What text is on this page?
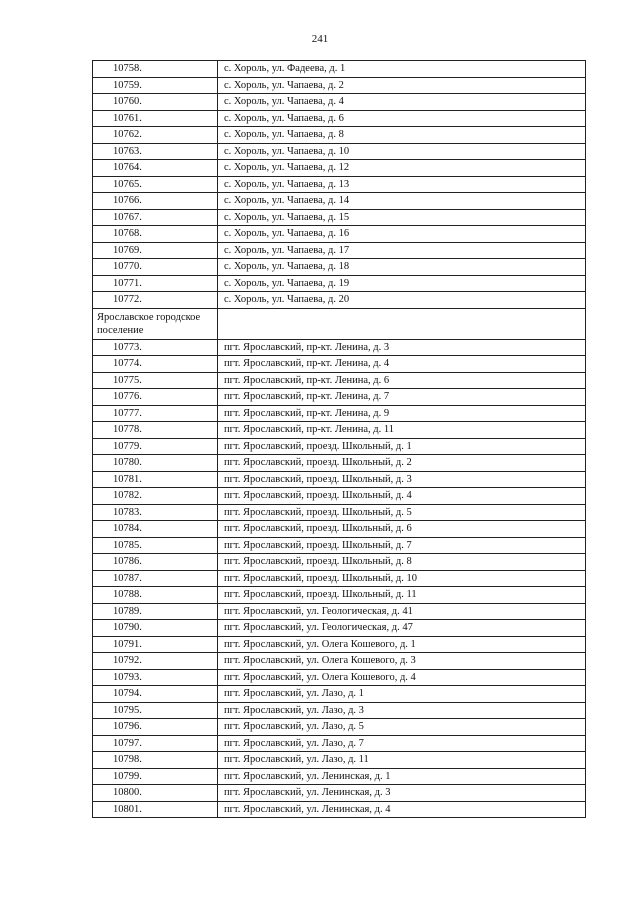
241
10758.	с. Хороль, ул. Фадеева, д. 1
10759.	с. Хороль, ул. Чапаева, д. 2
10760.	с. Хороль, ул. Чапаева, д. 4
10761.	с. Хороль, ул. Чапаева, д. 6
10762.	с. Хороль, ул. Чапаева, д. 8
10763.	с. Хороль, ул. Чапаева, д. 10
10764.	с. Хороль, ул. Чапаева, д. 12
10765.	с. Хороль, ул. Чапаева, д. 13
10766.	с. Хороль, ул. Чапаева, д. 14
10767.	с. Хороль, ул. Чапаева, д. 15
10768.	с. Хороль, ул. Чапаева, д. 16
10769.	с. Хороль, ул. Чапаева, д. 17
10770.	с. Хороль, ул. Чапаева, д. 18
10771.	с. Хороль, ул. Чапаева, д. 19
10772.	с. Хороль, ул. Чапаева, д. 20
Ярославское городское поселение	
10773.	пгт. Ярославский, пр-кт. Ленина, д. 3
10774.	пгт. Ярославский, пр-кт. Ленина, д. 4
10775.	пгт. Ярославский, пр-кт. Ленина, д. 6
10776.	пгт. Ярославский, пр-кт. Ленина, д. 7
10777.	пгт. Ярославский, пр-кт. Ленина, д. 9
10778.	пгт. Ярославский, пр-кт. Ленина, д. 11
10779.	пгт. Ярославский, проезд. Школьный, д. 1
10780.	пгт. Ярославский, проезд. Школьный, д. 2
10781.	пгт. Ярославский, проезд. Школьный, д. 3
10782.	пгт. Ярославский, проезд. Школьный, д. 4
10783.	пгт. Ярославский, проезд. Школьный, д. 5
10784.	пгт. Ярославский, проезд. Школьный, д. 6
10785.	пгт. Ярославский, проезд. Школьный, д. 7
10786.	пгт. Ярославский, проезд. Школьный, д. 8
10787.	пгт. Ярославский, проезд. Школьный, д. 10
10788.	пгт. Ярославский, проезд. Школьный, д. 11
10789.	пгт. Ярославский, ул. Геологическая, д. 41
10790.	пгт. Ярославский, ул. Геологическая, д. 47
10791.	пгт. Ярославский, ул. Олега Кошевого, д. 1
10792.	пгт. Ярославский, ул. Олега Кошевого, д. 3
10793.	пгт. Ярославский, ул. Олега Кошевого, д. 4
10794.	пгт. Ярославский, ул. Лазо, д. 1
10795.	пгт. Ярославский, ул. Лазо, д. 3
10796.	пгт. Ярославский, ул. Лазо, д. 5
10797.	пгт. Ярославский, ул. Лазо, д. 7
10798.	пгт. Ярославский, ул. Лазо, д. 11
10799.	пгт. Ярославский, ул. Ленинская, д. 1
10800.	пгт. Ярославский, ул. Ленинская, д. 3
10801.	пгт. Ярославский, ул. Ленинская, д. 4
